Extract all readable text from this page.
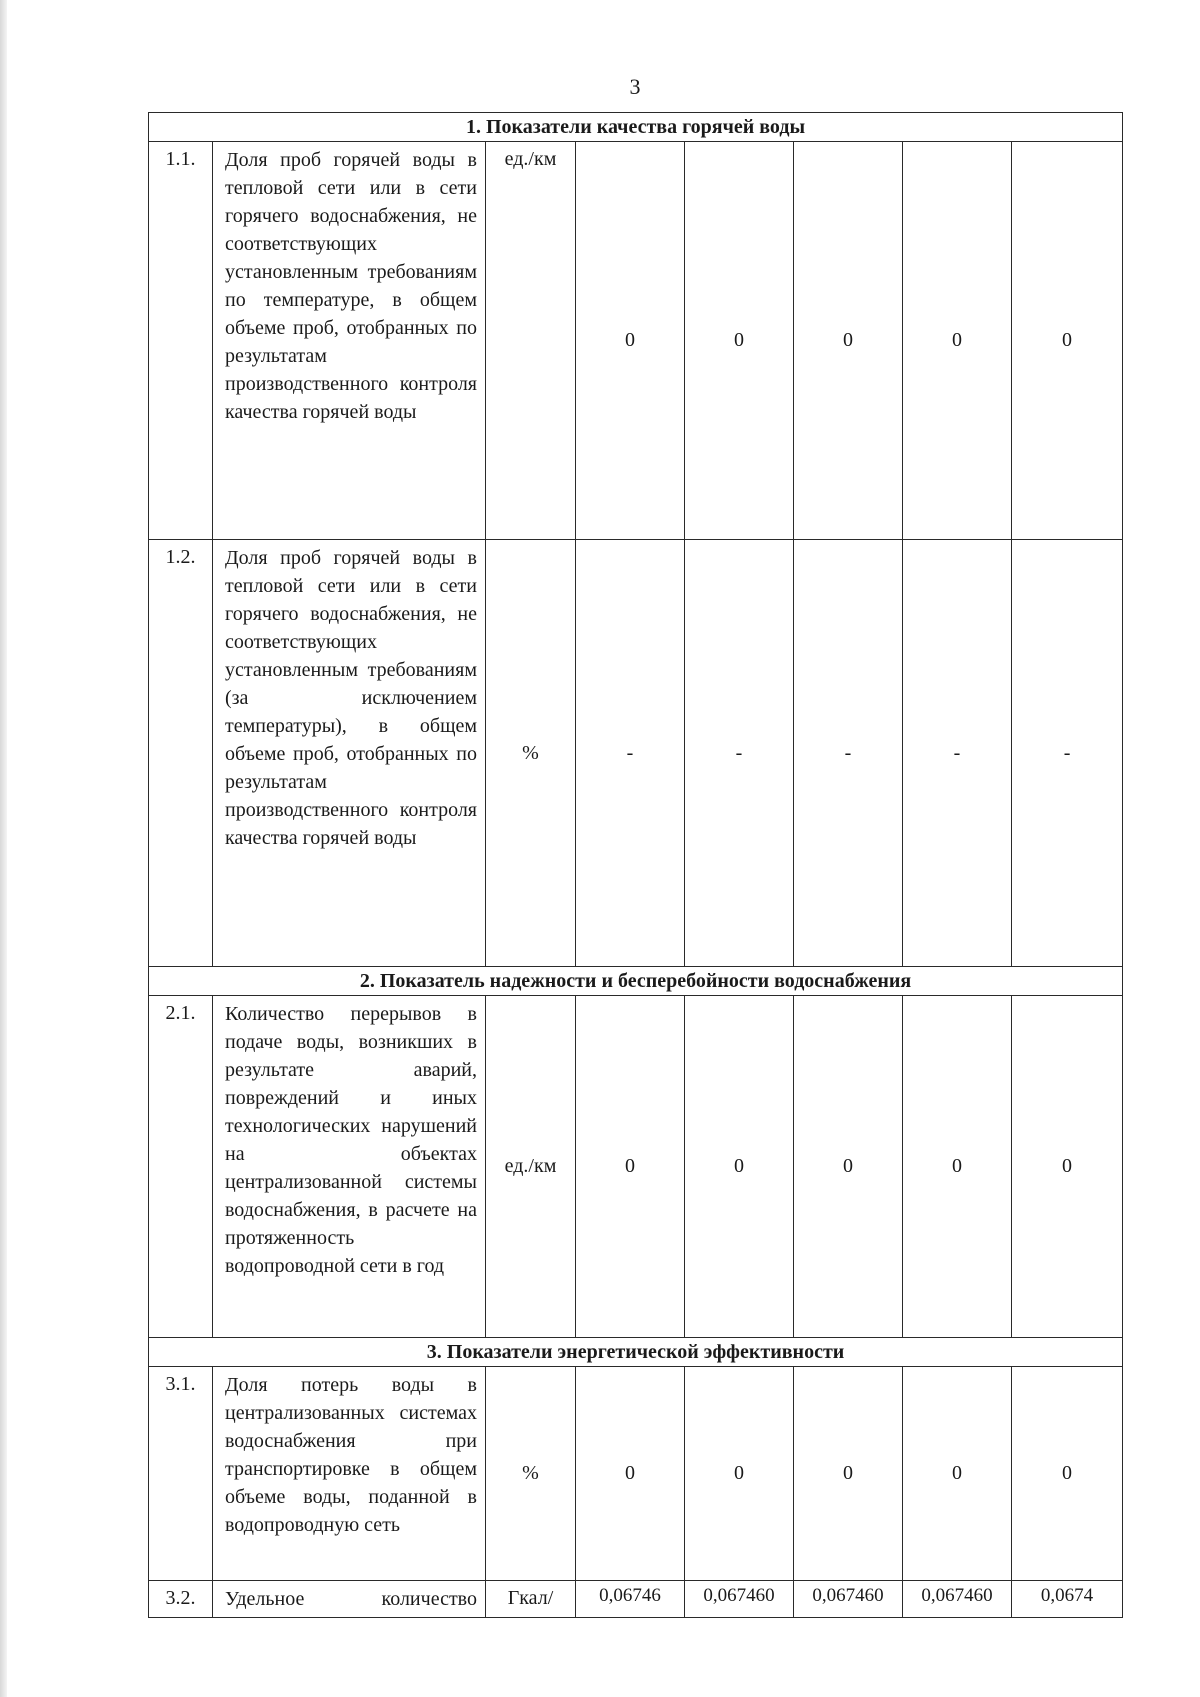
3
1. Показатели качества горячей воды							
1.1.	Доля проб горячей воды в тепловой сети или в сети горячего водоснабжения, не соответствующих установленным требованиям по температуре, в общем объеме проб, отобранных по результатам производственного контроля качества горячей воды	ед./км	0	0	0	0	0
1.2.	Доля проб горячей воды в тепловой сети или в сети горячего водоснабжения, не соответствующих установленным требованиям (за исключением температуры), в общем объеме проб, отобранных по результатам производственного контроля качества горячей воды	%	-	-	-	-	-
2. Показатель надежности и бесперебойности водоснабжения							
2.1.	Количество перерывов в подаче воды, возникших в результате аварий, повреждений и иных технологических нарушений на объектах централизованной системы водоснабжения, в расчете на протяженность водопроводной сети в год	ед./км	0	0	0	0	0
3. Показатели энергетической эффективности							
3.1.	Доля потерь воды в централизованных системах водоснабжения при транспортировке в общем объеме воды, поданной в водопроводную сеть	%	0	0	0	0	0
3.2.	Удельное количество	Гкал/	0,06746	0,067460	0,067460	0,067460	0,0674
